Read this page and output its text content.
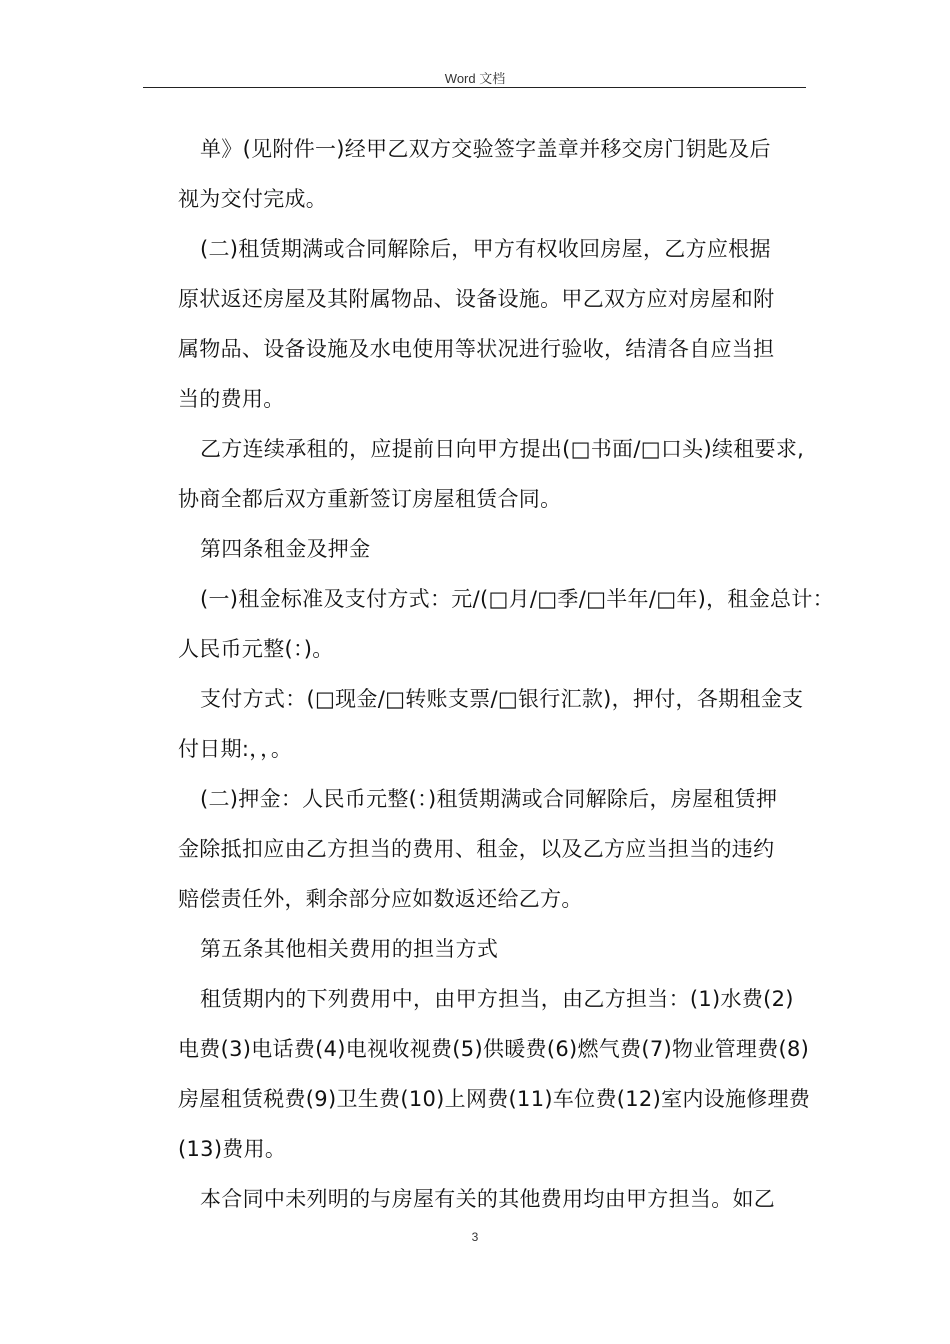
Word 文档

单》(见附件一)经甲乙双方交验签字盖章并移交房门钥匙及后

视为交付完成。

(二)租赁期满或合同解除后，甲方有权收回房屋，乙方应根据

原状返还房屋及其附属物品、设备设施。甲乙双方应对房屋和附

属物品、设备设施及水电使用等状况进行验收，结清各自应当担

当的费用。

乙方连续承租的，应提前日向甲方提出(□书面/□口头)续租要求,

协商全都后双方重新签订房屋租赁合同。

第四条租金及押金

(一)租金标准及支付方式：元/(□月/□季/□半年/□年)，租金总计：

人民币元整(：)。

支付方式：(□现金/□转账支票/□银行汇款)，押付，各期租金支

付日期:，，。

(二)押金：人民币元整(：)租赁期满或合同解除后，房屋租赁押

金除抵扣应由乙方担当的费用、租金，以及乙方应当担当的违约

赔偿责任外，剩余部分应如数返还给乙方。

第五条其他相关费用的担当方式

租赁期内的下列费用中，由甲方担当，由乙方担当：(1)水费(2)

电费(3)电话费(4)电视收视费(5)供暖费(6)燃气费(7)物业管理费(8)

房屋租赁税费(9)卫生费(10)上网费(11)车位费(12)室内设施修理费

(13)费用。

本合同中未列明的与房屋有关的其他费用均由甲方担当。如乙

3
